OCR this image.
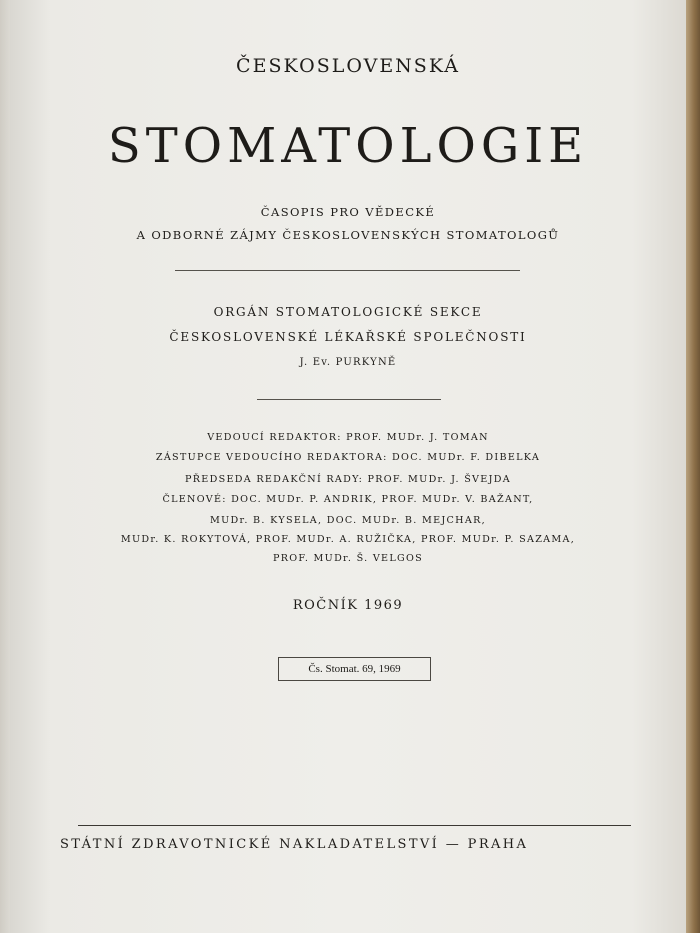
ČESKOSLOVENSKÁ
STOMATOLOGIE
ČASOPIS PRO VĚDECKÉ
A ODBORNÉ ZÁJMY ČESKOSLOVENSKÝCH STOMATOLOGŮ
ORGÁN STOMATOLOGICKÉ SEKCE
ČESKOSLOVENSKÉ LÉKAŘSKÉ SPOLEČNOSTI
J. Ev. PURKYNĚ
VEDOUCÍ REDAKTOR: PROF. MUDr. J. TOMAN
ZÁSTUPCE VEDOUCÍHO REDAKTORA: DOC. MUDr. F. DIBELKA
PŘEDSEDA REDAKČNÍ RADY: PROF. MUDr. J. ŠVEJDA
ČLENOVÉ: DOC. MUDr. P. ANDRIK, PROF. MUDr. V. BAŽANT,
MUDr. B. KYSELA, DOC. MUDr. B. MEJCHAR,
MUDr. K. ROKYTOVÁ, PROF. MUDr. A. RUŽIČKA, PROF. MUDr. P. SAZAMA,
PROF. MUDr. Š. VELGOS
ROČNÍK 1969
Čs. Stomat. 69, 1969
STÁTNÍ ZDRAVOTNICKÉ NAKLADATELSTVÍ — PRAHA
